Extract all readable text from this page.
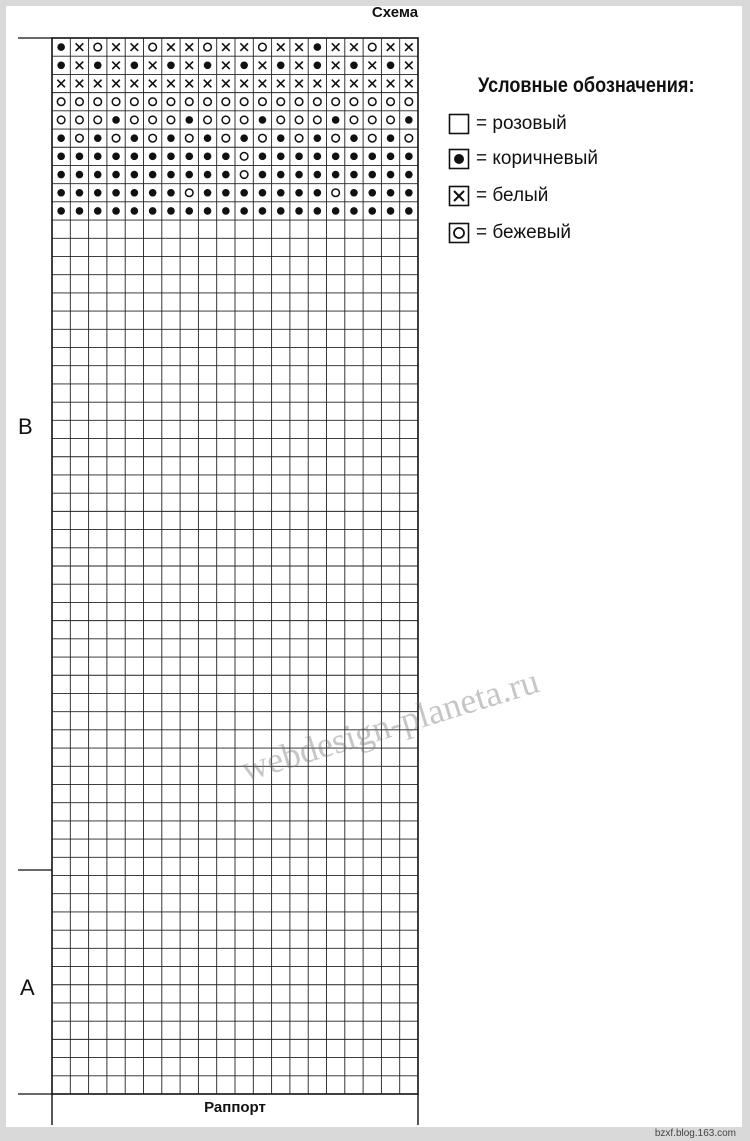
Схема
B
A
Раппорт
Условные обозначения:
= розовый
= коричневый
= белый
= бежевый
webdesign-planeta.ru
bzxf.blog.163.com
